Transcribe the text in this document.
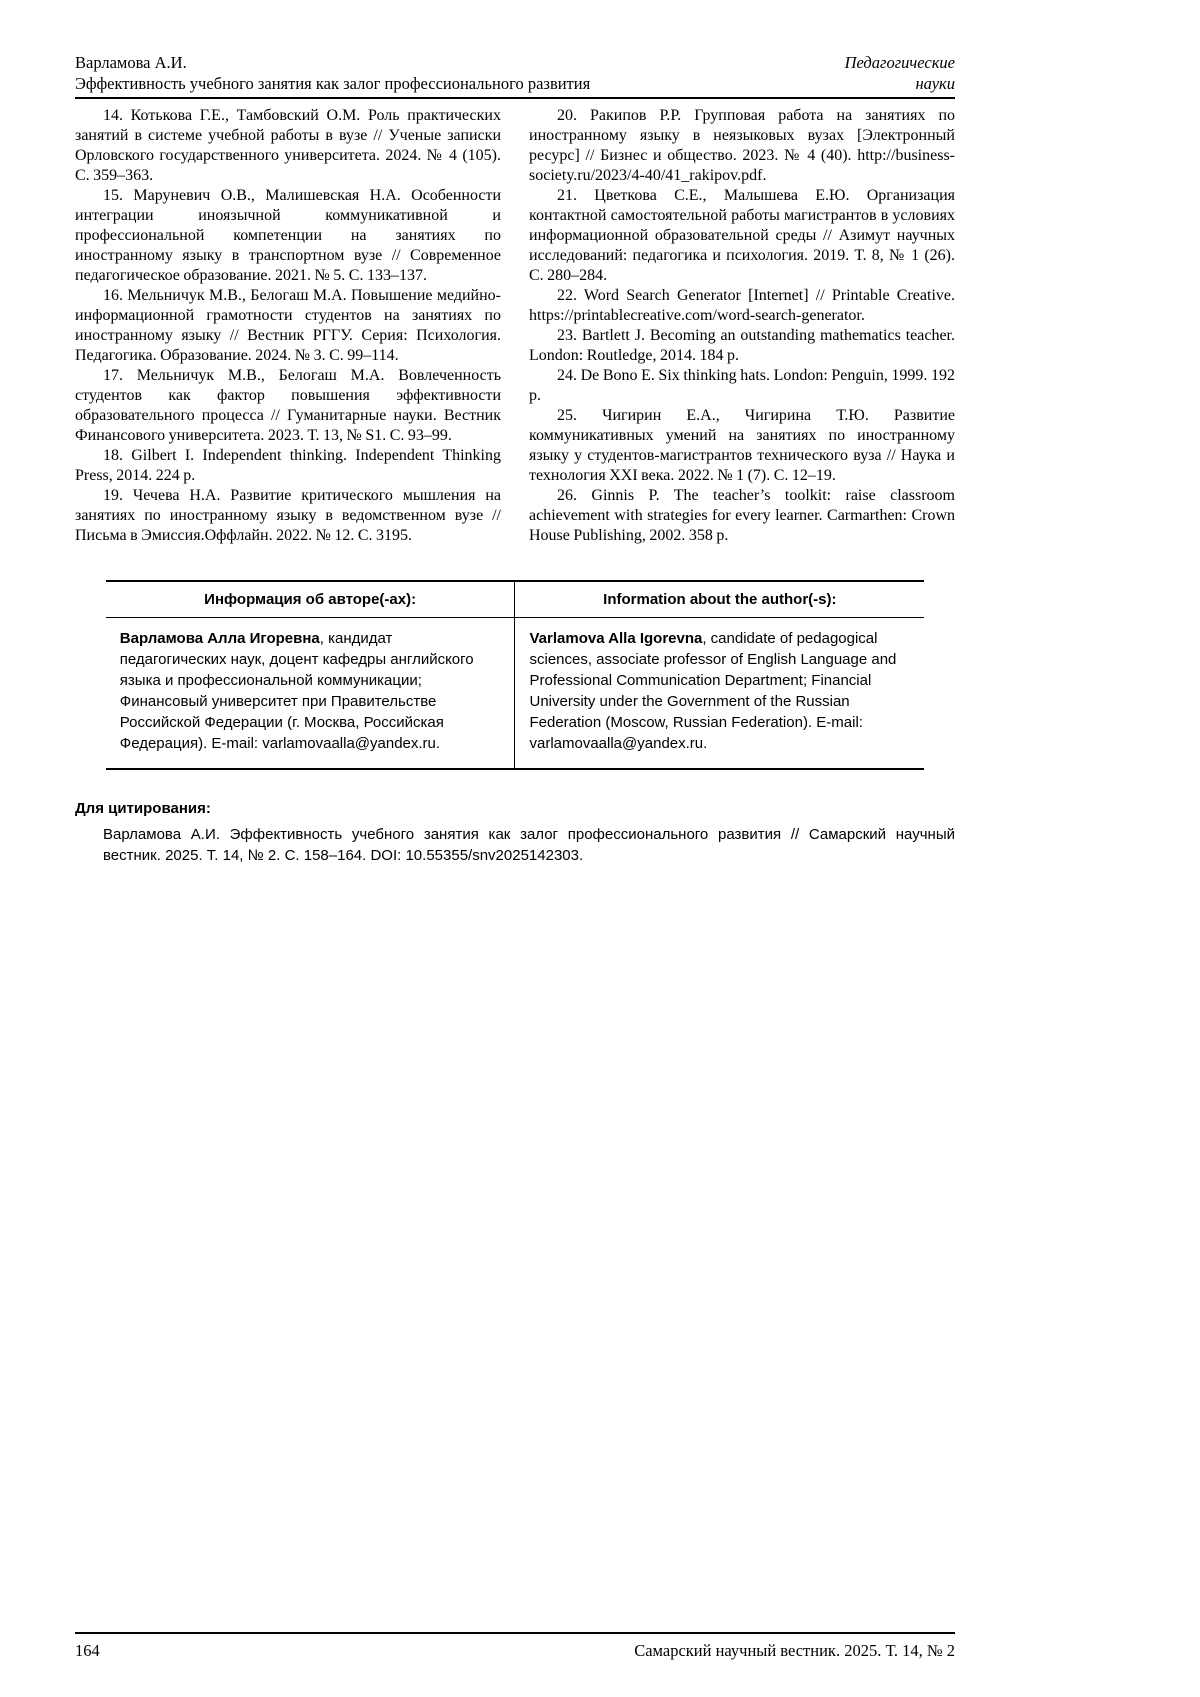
Варламова А.И.	Педагогические
Эффективность учебного занятия как залог профессионального развития	науки

14. Котькова Г.Е., Тамбовский О.М. Роль практических занятий в системе учебной работы в вузе // Ученые записки Орловского государственного университета. 2024. № 4 (105). С. 359–363.

15. Маруневич О.В., Малишевская Н.А. Особенности интеграции иноязычной коммуникативной и профессиональной компетенции на занятиях по иностранному языку в транспортном вузе // Современное педагогическое образование. 2021. № 5. С. 133–137.

16. Мельничук М.В., Белогаш М.А. Повышение медийно-информационной грамотности студентов на занятиях по иностранному языку // Вестник РГГУ. Серия: Психология. Педагогика. Образование. 2024. № 3. С. 99–114.

17. Мельничук М.В., Белогаш М.А. Вовлеченность студентов как фактор повышения эффективности образовательного процесса // Гуманитарные науки. Вестник Финансового университета. 2023. Т. 13, № S1. С. 93–99.

18. Gilbert I. Independent thinking. Independent Thinking Press, 2014. 224 p.

19. Чечева Н.А. Развитие критического мышления на занятиях по иностранному языку в ведомственном вузе // Письма в Эмиссия.Оффлайн. 2022. № 12. С. 3195.

20. Ракипов Р.Р. Групповая работа на занятиях по иностранному языку в неязыковых вузах [Электронный ресурс] // Бизнес и общество. 2023. № 4 (40). http://business-society.ru/2023/4-40/41_rakipov.pdf.

21. Цветкова С.Е., Малышева Е.Ю. Организация контактной самостоятельной работы магистрантов в условиях информационной образовательной среды // Азимут научных исследований: педагогика и психология. 2019. Т. 8, № 1 (26). С. 280–284.

22. Word Search Generator [Internet] // Printable Creative. https://printablecreative.com/word-search-generator.

23. Bartlett J. Becoming an outstanding mathematics teacher. London: Routledge, 2014. 184 p.

24. De Bono E. Six thinking hats. London: Penguin, 1999. 192 p.

25. Чигирин Е.А., Чигирина Т.Ю. Развитие коммуникативных умений на занятиях по иностранному языку у студентов-магистрантов технического вуза // Наука и технология XXI века. 2022. № 1 (7). С. 12–19.

26. Ginnis P. The teacher’s toolkit: raise classroom achievement with strategies for every learner. Carmarthen: Crown House Publishing, 2002. 358 p.

Информация об авторе(-ах):	Information about the author(-s):
Варламова Алла Игоревна, кандидат педагогических наук, доцент кафедры английского языка и профессиональной коммуникации; Финансовый университет при Правительстве Российской Федерации (г. Москва, Российская Федерация). E-mail: varlamovaalla@yandex.ru.	Varlamova Alla Igorevna, candidate of pedagogical sciences, associate professor of English Language and Professional Communication Department; Financial University under the Government of the Russian Federation (Moscow, Russian Federation). E-mail: varlamovaalla@yandex.ru.
Для цитирования:
Варламова А.И. Эффективность учебного занятия как залог профессионального развития // Самарский научный вестник. 2025. Т. 14, № 2. С. 158–164. DOI: 10.55355/snv2025142303.
164	Самарский научный вестник. 2025. Т. 14, № 2
